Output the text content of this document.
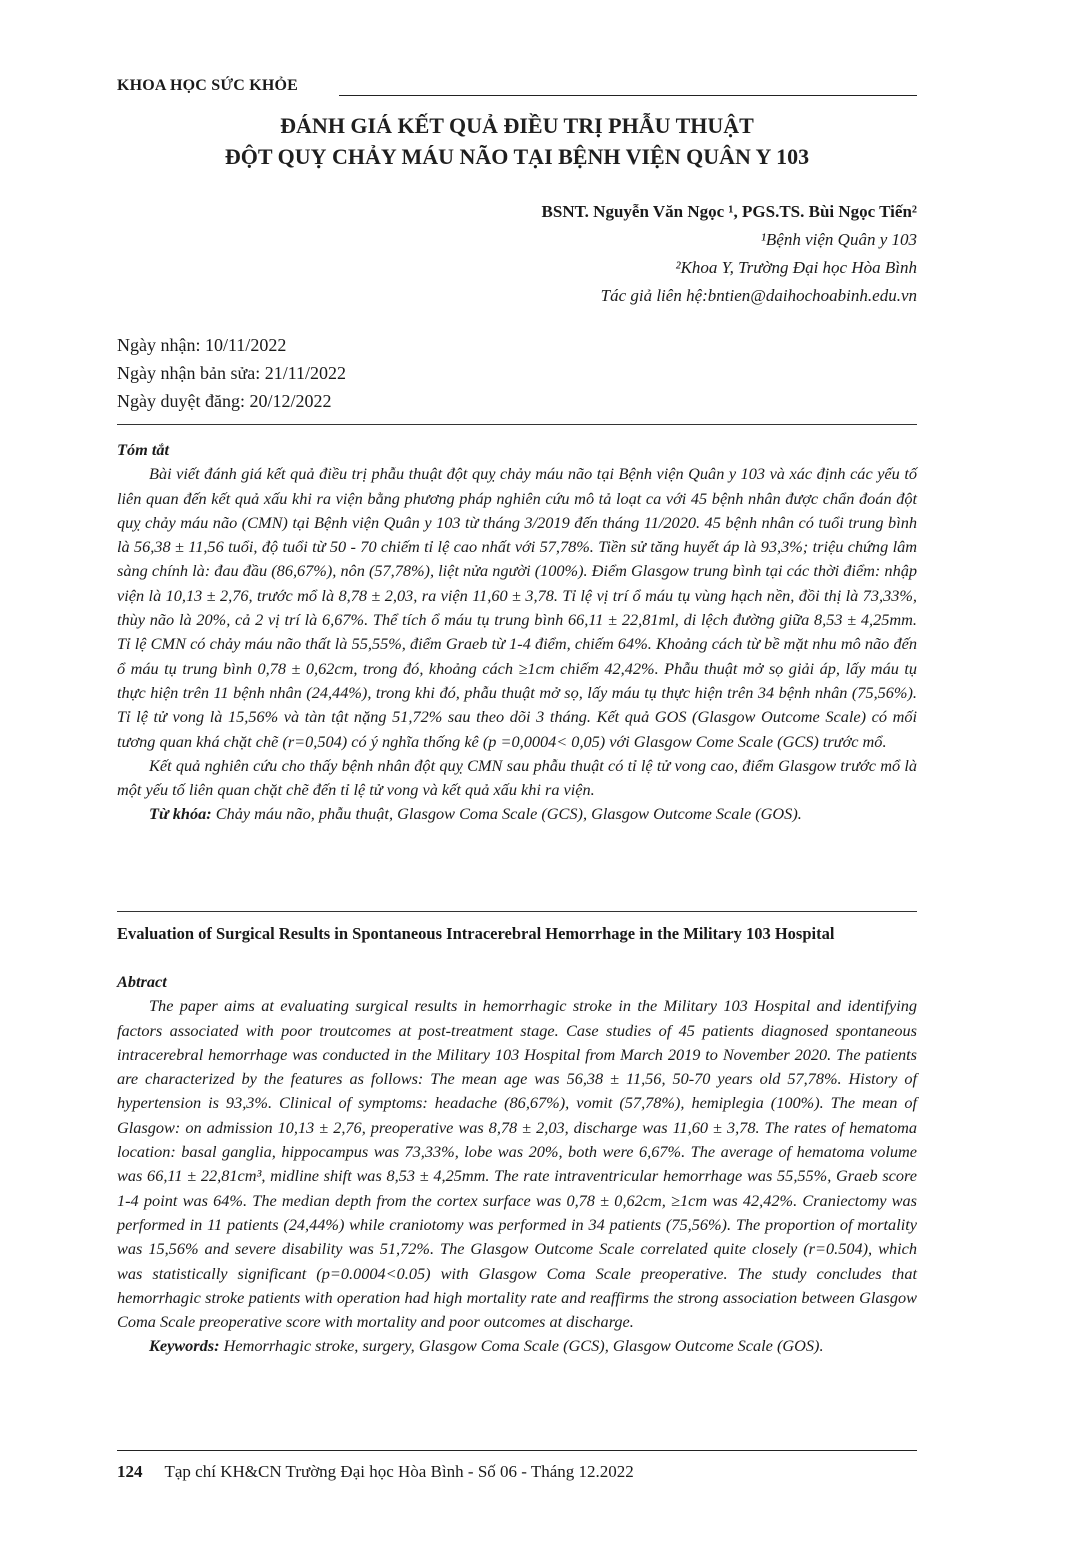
KHOA HỌC SỨC KHỎE
ĐÁNH GIÁ KẾT QUẢ ĐIỀU TRỊ PHẪU THUẬT
ĐỘT QUỴ CHẢY MÁU NÃO TẠI BỆNH VIỆN QUÂN Y 103
BSNT. Nguyễn Văn Ngọc ¹, PGS.TS. Bùi Ngọc Tiến²
¹Bệnh viện Quân y 103
²Khoa Y, Trường Đại học Hòa Bình
Tác giả liên hệ:bntien@daihochoabinh.edu.vn
Ngày nhận: 10/11/2022
Ngày nhận bản sửa: 21/11/2022
Ngày duyệt đăng: 20/12/2022
Tóm tắt

Bài viết đánh giá kết quả điều trị phẫu thuật đột quỵ chảy máu não tại Bệnh viện Quân y 103 và xác định các yếu tố liên quan đến kết quả xấu khi ra viện bằng phương pháp nghiên cứu mô tả loạt ca với 45 bệnh nhân được chẩn đoán đột quỵ chảy máu não (CMN) tại Bệnh viện Quân y 103 từ tháng 3/2019 đến tháng 11/2020. 45 bệnh nhân có tuổi trung bình là 56,38 ± 11,56 tuổi, độ tuổi từ 50 - 70 chiếm tỉ lệ cao nhất với 57,78%. Tiền sử tăng huyết áp là 93,3%; triệu chứng lâm sàng chính là: đau đầu (86,67%), nôn (57,78%), liệt nửa người (100%). Điểm Glasgow trung bình tại các thời điểm: nhập viện là 10,13 ± 2,76, trước mổ là 8,78 ± 2,03, ra viện 11,60 ± 3,78. Tỉ lệ vị trí ổ máu tụ vùng hạch nền, đồi thị là 73,33%, thùy não là 20%, cả 2 vị trí là 6,67%. Thể tích ổ máu tụ trung bình 66,11 ± 22,81ml, di lệch đường giữa 8,53 ± 4,25mm. Tỉ lệ CMN có chảy máu não thất là 55,55%, điểm Graeb từ 1-4 điểm, chiếm 64%. Khoảng cách từ bề mặt nhu mô não đến ổ máu tụ trung bình 0,78 ± 0,62cm, trong đó, khoảng cách ≥1cm chiếm 42,42%. Phẫu thuật mở sọ giải áp, lấy máu tụ thực hiện trên 11 bệnh nhân (24,44%), trong khi đó, phẫu thuật mở sọ, lấy máu tụ thực hiện trên 34 bệnh nhân (75,56%). Tỉ lệ tử vong là 15,56% và tàn tật nặng 51,72% sau theo dõi 3 tháng. Kết quả GOS (Glasgow Outcome Scale) có mối tương quan khá chặt chẽ (r=0,504) có ý nghĩa thống kê (p =0,0004< 0,05) với Glasgow Come Scale (GCS) trước mổ.

Kết quả nghiên cứu cho thấy bệnh nhân đột quỵ CMN sau phẫu thuật có tỉ lệ tử vong cao, điểm Glasgow trước mổ là một yếu tố liên quan chặt chẽ đến tỉ lệ tử vong và kết quả xấu khi ra viện.

Từ khóa: Chảy máu não, phẫu thuật, Glasgow Coma Scale (GCS), Glasgow Outcome Scale (GOS).

Evaluation of Surgical Results in Spontaneous Intracerebral Hemorrhage in the Military 103 Hospital
Abtract

The paper aims at evaluating surgical results in hemorrhagic stroke in the Military 103 Hospital and identifying factors associated with poor troutcomes at post-treatment stage. Case studies of 45 patients diagnosed spontaneous intracerebral hemorrhage was conducted in the Military 103 Hospital from March 2019 to November 2020. The patients are characterized by the features as follows: The mean age was 56,38 ± 11,56, 50-70 years old 57,78%. History of hypertension is 93,3%. Clinical of symptoms: headache (86,67%), vomit (57,78%), hemiplegia (100%). The mean of Glasgow: on admission 10,13 ± 2,76, preoperative was 8,78 ± 2,03, discharge was 11,60 ± 3,78. The rates of hematoma location: basal ganglia, hippocampus was 73,33%, lobe was 20%, both were 6,67%. The average of hematoma volume was 66,11 ± 22,81cm³, midline shift was 8,53 ± 4,25mm. The rate intraventricular hemorrhage was 55,55%, Graeb score 1-4 point was 64%. The median depth from the cortex surface was 0,78 ± 0,62cm, ≥1cm was 42,42%. Craniectomy was performed in 11 patients (24,44%) while craniotomy was performed in 34 patients (75,56%). The proportion of mortality was 15,56% and severe disability was 51,72%. The Glasgow Outcome Scale correlated quite closely (r=0.504), which was statistically significant (p=0.0004<0.05) with Glasgow Coma Scale preoperative. The study concludes that hemorrhagic stroke patients with operation had high mortality rate and reaffirms the strong association between Glasgow Coma Scale preoperative score with mortality and poor outcomes at discharge.

Keywords: Hemorrhagic stroke, surgery, Glasgow Coma Scale (GCS), Glasgow Outcome Scale (GOS).

124 Tạp chí KH&CN Trường Đại học Hòa Bình - Số 06 - Tháng 12.2022
